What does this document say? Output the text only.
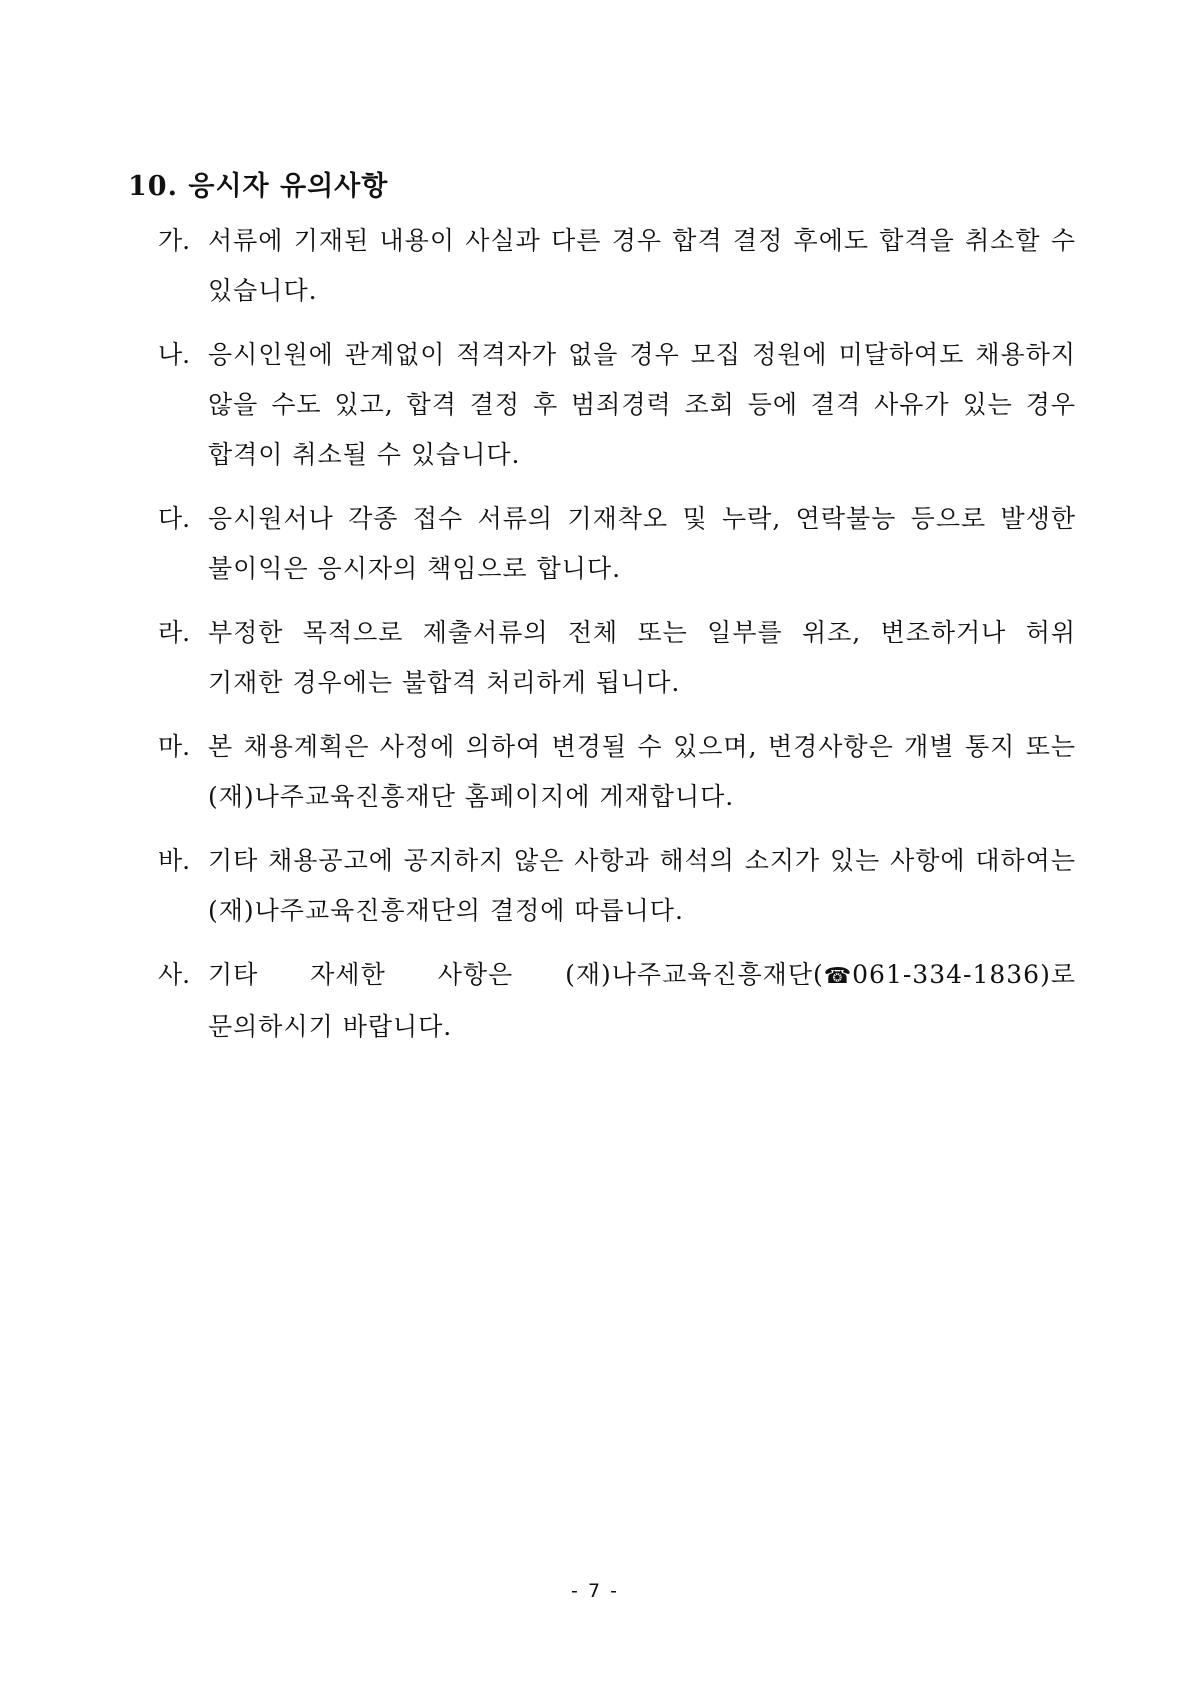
10. 응시자 유의사항
가. 서류에 기재된 내용이 사실과 다른 경우 합격 결정 후에도 합격을 취소할 수 있습니다.
나. 응시인원에 관계없이 적격자가 없을 경우 모집 정원에 미달하여도 채용하지 않을 수도 있고, 합격 결정 후 범죄경력 조회 등에 결격 사유가 있는 경우 합격이 취소될 수 있습니다.
다. 응시원서나 각종 접수 서류의 기재착오 및 누락, 연락불능 등으로 발생한 불이익은 응시자의 책임으로 합니다.
라. 부정한 목적으로 제출서류의 전체 또는 일부를 위조, 변조하거나 허위 기재한 경우에는 불합격 처리하게 됩니다.
마. 본 채용계획은 사정에 의하여 변경될 수 있으며, 변경사항은 개별 통지 또는 (재)나주교육진흥재단 홈페이지에 게재합니다.
바. 기타 채용공고에 공지하지 않은 사항과 해석의 소지가 있는 사항에 대하여는 (재)나주교육진흥재단의 결정에 따릅니다.
사. 기타 자세한 사항은 (재)나주교육진흥재단(☎061-334-1836)로 문의하시기 바랍니다.

- 7 -
